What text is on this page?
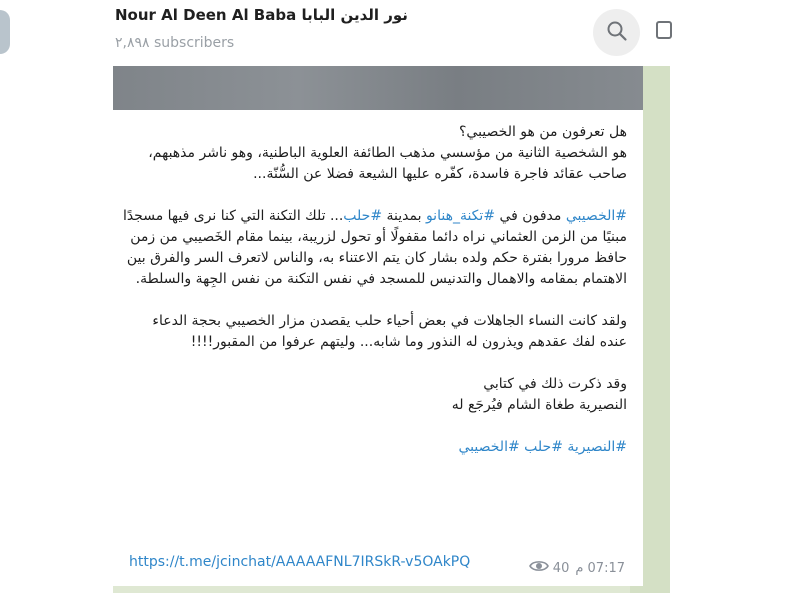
Nour Al Deen Al Baba نور الدين البابا
٢,٨٩٨ subscribers

هل تعرفون من هو الخصيبي؟
هو الشخصية الثانية من مؤسسي مذهب الطائفة العلوية الباطنية، وهو ناشر مذهبهم، صاحب عقائد فاجرة فاسدة، كفّره عليها الشيعة فضلا عن السُّنّة...

#الخصيبي مدفون في #تكنة_هنانو بمدينة #حلب... تلك التكنة التي كنا نرى فيها مسجدًا مبنيًا من الزمن العثماني نراه دائما مقفولًا أو تحول لزريبة، بينما مقام الخَصيبي من زمن حافظ مرورا بفترة حكم ولده بشار كان يتم الاعتناء به، والناس لاتعرف السر والفرق بين الاهتمام بمقامه والاهمال والتدنيس للمسجد في نفس التكنة من نفس الجِهة والسلطة.

ولقد كانت النساء الجاهلات في بعض أحياء حلب يقصدن مزار الخصيبي بحجة الدعاء عنده لفك عقدهم ويذرون له النذور وما شابه... وليتهم عرفوا من المقبور!!!!

وقد ذكرت ذلك في كتابي
النصيرية طغاة الشام فيُرجَع له

#النصيرية #حلب #الخصيبي

https://t.me/jcinchat/AAAAAFNL7IRSkR-v5OAkPQ	40 07:17 م
